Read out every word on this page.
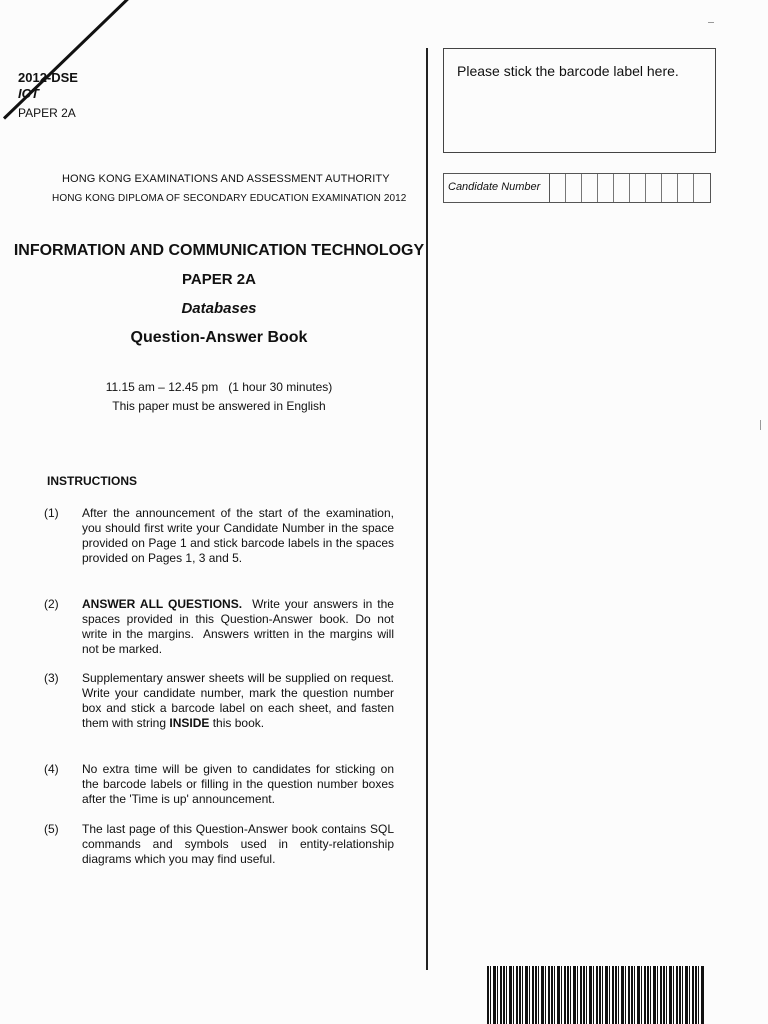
2012-DSE
ICT
PAPER 2A
HONG KONG EXAMINATIONS AND ASSESSMENT AUTHORITY
HONG KONG DIPLOMA OF SECONDARY EDUCATION EXAMINATION 2012
INFORMATION AND COMMUNICATION TECHNOLOGY
PAPER 2A
Databases
Question-Answer Book
11.15 am – 12.45 pm   (1 hour 30 minutes)
This paper must be answered in English
INSTRUCTIONS
(1) After the announcement of the start of the examination, you should first write your Candidate Number in the space provided on Page 1 and stick barcode labels in the spaces provided on Pages 1, 3 and 5.
(2) ANSWER ALL QUESTIONS.  Write your answers in the spaces provided in this Question-Answer book. Do not write in the margins.  Answers written in the margins will not be marked.
(3) Supplementary answer sheets will be supplied on request.  Write your candidate number, mark the question number box and stick a barcode label on each sheet, and fasten them with string INSIDE this book.
(4) No extra time will be given to candidates for sticking on the barcode labels or filling in the question number boxes after the 'Time is up' announcement.
(5) The last page of this Question-Answer book contains SQL commands and symbols used in entity-relationship diagrams which you may find useful.
Please stick the barcode label here.
Candidate Number
